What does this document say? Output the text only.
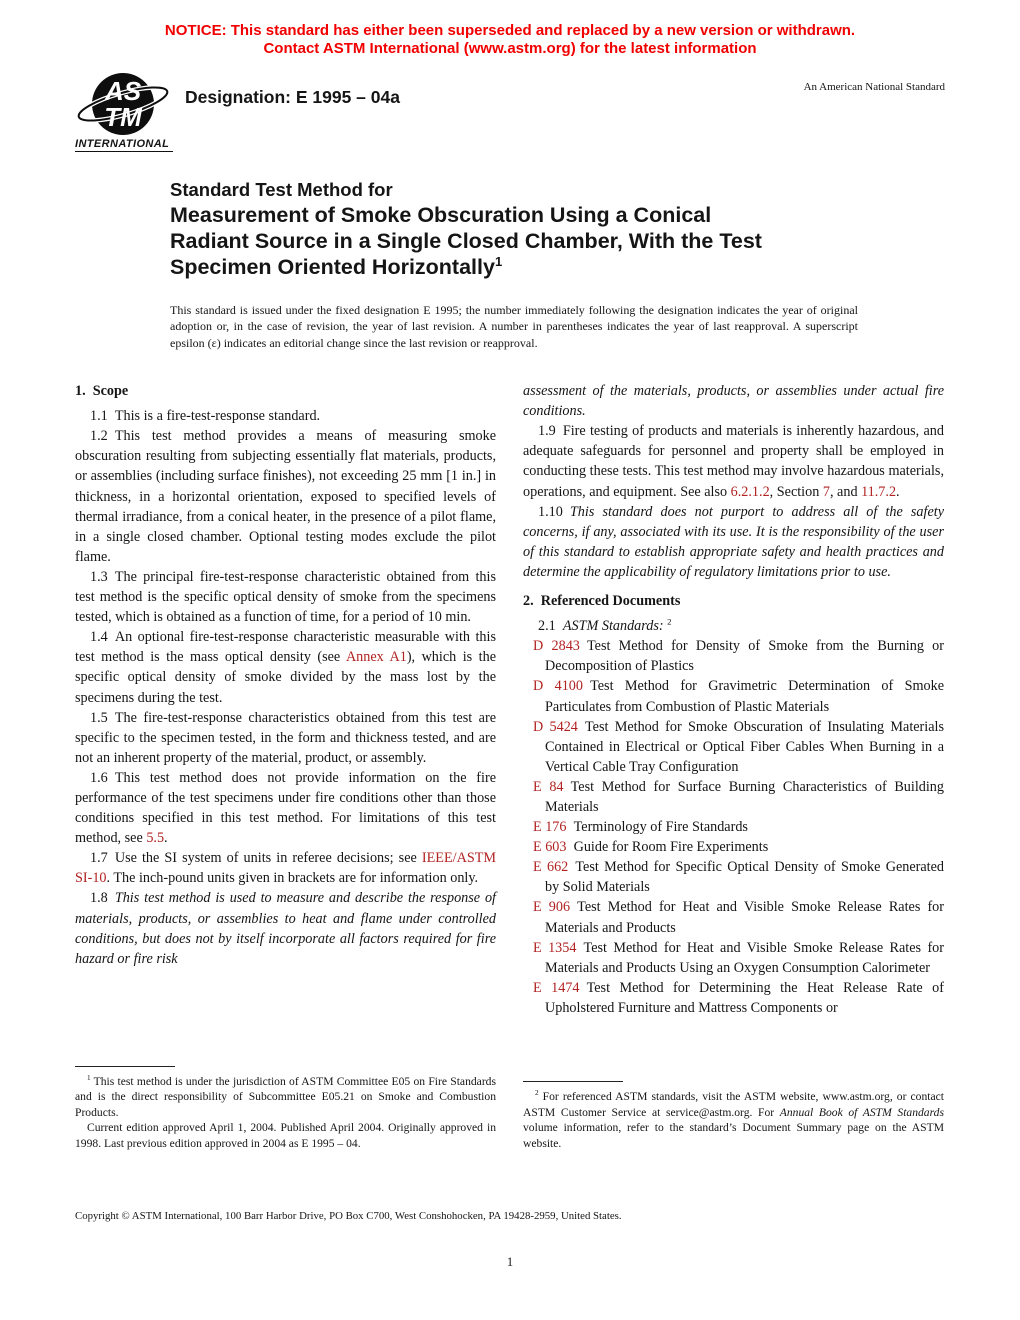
NOTICE: This standard has either been superseded and replaced by a new version or withdrawn.
Contact ASTM International (www.astm.org) for the latest information
AS
TM
INTERNATIONAL
Designation: E 1995 – 04a	An American National Standard
Standard Test Method for
Measurement of Smoke Obscuration Using a Conical
Radiant Source in a Single Closed Chamber, With the Test
Specimen Oriented Horizontally$^1$
This standard is issued under the fixed designation E 1995; the number immediately following the designation indicates the year of original adoption or, in the case of revision, the year of last revision. A number in parentheses indicates the year of last reapproval. A superscript epsilon (ε) indicates an editorial change since the last revision or reapproval.

1. Scope

1.1 This is a fire-test-response standard.

1.2 This test method provides a means of measuring smoke obscuration resulting from subjecting essentially flat materials, products, or assemblies (including surface finishes), not exceeding 25 mm [1 in.] in thickness, in a horizontal orientation, exposed to specified levels of thermal irradiance, from a conical heater, in the presence of a pilot flame, in a single closed chamber. Optional testing modes exclude the pilot flame.

1.3 The principal fire-test-response characteristic obtained from this test method is the specific optical density of smoke from the specimens tested, which is obtained as a function of time, for a period of 10 min.

1.4 An optional fire-test-response characteristic measurable with this test method is the mass optical density (see Annex A1), which is the specific optical density of smoke divided by the mass lost by the specimens during the test.

1.5 The fire-test-response characteristics obtained from this test are specific to the specimen tested, in the form and thickness tested, and are not an inherent property of the material, product, or assembly.

1.6 This test method does not provide information on the fire performance of the test specimens under fire conditions other than those conditions specified in this test method. For limitations of this test method, see 5.5.

1.7 Use the SI system of units in referee decisions; see IEEE/ASTM SI-10. The inch-pound units given in brackets are for information only.

1.8 This test method is used to measure and describe the response of materials, products, or assemblies to heat and flame under controlled conditions, but does not by itself incorporate all factors required for fire hazard or fire risk

$^1$ This test method is under the jurisdiction of ASTM Committee E05 on Fire Standards and is the direct responsibility of Subcommittee E05.21 on Smoke and Combustion Products.

Current edition approved April 1, 2004. Published April 2004. Originally approved in 1998. Last previous edition approved in 2004 as E 1995 – 04.

assessment of the materials, products, or assemblies under actual fire conditions.

1.9 Fire testing of products and materials is inherently hazardous, and adequate safeguards for personnel and property shall be employed in conducting these tests. This test method may involve hazardous materials, operations, and equipment. See also 6.2.1.2, Section 7, and 11.7.2.

1.10 This standard does not purport to address all of the safety concerns, if any, associated with its use. It is the responsibility of the user of this standard to establish appropriate safety and health practices and determine the applicability of regulatory limitations prior to use.

2. Referenced Documents

2.1 ASTM Standards: $^2$

D 2843 Test Method for Density of Smoke from the Burning or Decomposition of Plastics

D 4100 Test Method for Gravimetric Determination of Smoke Particulates from Combustion of Plastic Materials

D 5424 Test Method for Smoke Obscuration of Insulating Materials Contained in Electrical or Optical Fiber Cables When Burning in a Vertical Cable Tray Configuration

E 84 Test Method for Surface Burning Characteristics of Building Materials

E 176 Terminology of Fire Standards

E 603 Guide for Room Fire Experiments

E 662 Test Method for Specific Optical Density of Smoke Generated by Solid Materials

E 906 Test Method for Heat and Visible Smoke Release Rates for Materials and Products

E 1354 Test Method for Heat and Visible Smoke Release Rates for Materials and Products Using an Oxygen Consumption Calorimeter

E 1474 Test Method for Determining the Heat Release Rate of Upholstered Furniture and Mattress Components or

$^2$ For referenced ASTM standards, visit the ASTM website, www.astm.org, or contact ASTM Customer Service at service@astm.org. For Annual Book of ASTM Standards volume information, refer to the standard’s Document Summary page on the ASTM website.

Copyright © ASTM International, 100 Barr Harbor Drive, PO Box C700, West Conshohocken, PA 19428-2959, United States.
1
